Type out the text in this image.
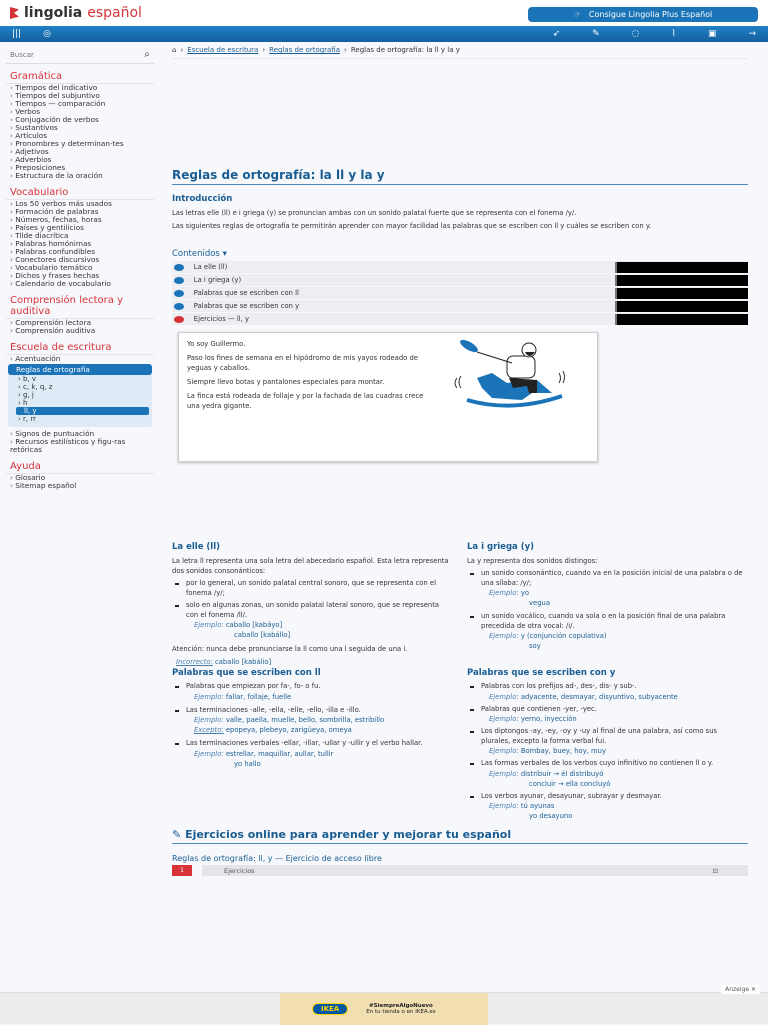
lingolia español	☞ Consigue Lingolia Plus Español
||| ◎	➶	✎	◌	⌇	▣	→
Buscar
⌕
Gramática
› Tiempos del indicativo
› Tiempos del subjuntivo
› Tiempos — comparación
› Verbos
› Conjugación de verbos
› Sustantivos
› Artículos
› Pronombres y determinan-tes
› Adjetivos
› Adverbios
› Preposiciones
› Estructura de la oración
Vocabulario
› Los 50 verbos más usados
› Formación de palabras
› Números, fechas, horas
› Países y gentilicios
› Tilde diacrítica
› Palabras homónimas
› Palabras confundibles
› Conectores discursivos
› Vocabulario temático
› Dichos y frases hechas
› Calendario de vocabulario
Comprensión lectora y auditiva
› Comprensión lectora
› Comprensión auditiva
Escuela de escritura
› Acentuación
Reglas de ortografía
› b, v
› c, k, q, z
› g, j
› h
ll, y
› r, rr
› Signos de puntuación
› Recursos estilísticos y figu-ras retóricas
Ayuda
› Glosario
› Sitemap español
⌂ › Escuela de escritura › Reglas de ortografía › Reglas de ortografía: la ll y la y
Reglas de ortografía: la ll y la y
Introducción
Las letras elle (ll) e i griega (y) se pronuncian ambas con un sonido palatal fuerte que se representa con el fonema /y/.
Las siguientes reglas de ortografía te permitirán aprender con mayor facilidad las palabras que se escriben con ll y cuáles se escriben con y.
Contenidos ▾
La elle (ll)
La i griega (y)
Palabras que se escriben con ll
Palabras que se escriben con y
Ejercicios — ll, y
Yo soy Guillermo.
Paso los fines de semana en el hipódromo de mis yayos rodeado de yeguas y caballos.
Siempre llevo botas y pantalones especiales para montar.
La finca está rodeada de follaje y por la fachada de las cuadras crece una yedra gigante.
La elle (ll)
La letra ll representa una sola letra del abecedario español. Esta letra representa dos sonidos consonánticos:
por lo general, un sonido palatal central sonoro, que se representa con el fonema /y/;
solo en algunas zonas, un sonido palatal lateral sonoro, que se representa con el fonema /ll/.
Ejemplo: caballo [kabáyo]
caballo [kabállo]
Atención: nunca debe pronunciarse la ll como una l seguida de una i.
Incorrecto: caballo [kabálio]
La i griega (y)
La y representa dos sonidos distingos:
un sonido consonántico, cuando va en la posición inicial de una palabra o de una sílaba: /y/;
Ejemplo: yo
vegua
un sonido vocálico, cuando va sola o en la posición final de una palabra precedida de otra vocal: /i/.
Ejemplo: y (conjunción copulativa)
soy
Palabras que se escriben con ll
Palabras que empiezan por fa-, fo- o fu.
Ejemplo: fallar, follaje, fuelle
Las terminaciones -alle, -ella, -elle, -ello, -illa e -illo.
Ejemplo: valle, paella, muelle, bello, sombrilla, estribillo
Excepto: epopeya, plebeyo, zarigüeya, omeya
Las terminaciones verbales -ellar, -illar, -ullar y -ullir y el verbo hallar.
Ejemplo: estrellar, maquillar, aullar, tullir
yo hallo
Palabras que se escriben con y
Palabras con los prefijos ad-, des-, dis- y sub-.
Ejemplo: adyacente, desmayar, disyuntivo, subyacente
Palabras que contienen -yer, -yec.
Ejemplo: yerno, inyección
Los diptongos -ay, -ey, -oy y -uy al final de una palabra, así como sus plurales, excepto la forma verbal fui.
Ejemplo: Bombay, buey, hoy, muy
Las formas verbales de los verbos cuyo infinitivo no contienen ll o y.
Ejemplo: distribuir → él distribuyó
concluir → ella concluyó
Los verbos ayunar, desayunar, subrayar y desmayar.
Ejemplo: tú ayunas
yo desayuno
✎ Ejercicios online para aprender y mejorar tu español
Reglas de ortografía: ll, y — Ejercicio de acceso libre
1	Ejercicios	⊡
Anzeige ✕
IKEA	#SiempreAlgoNuevo
En tu tienda o en IKEA.es
